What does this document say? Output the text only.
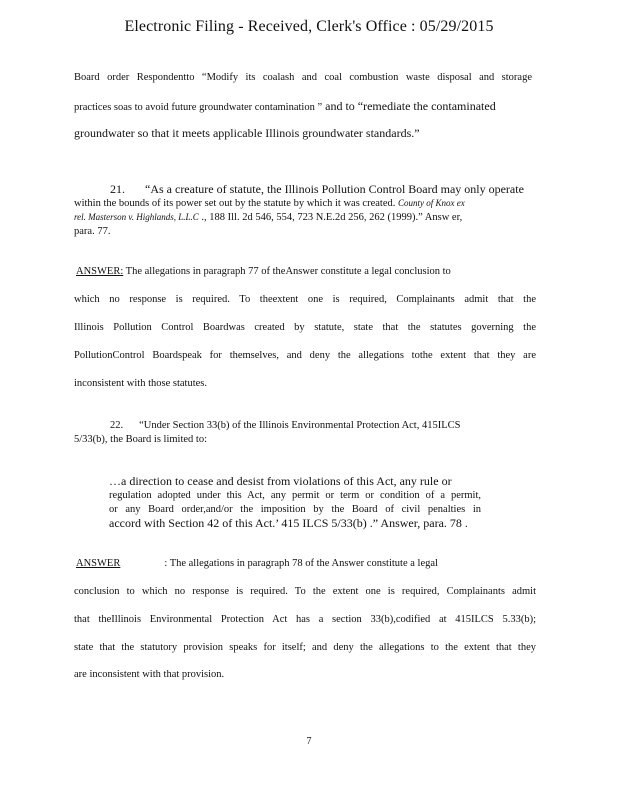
Electronic Filing - Received, Clerk's Office : 05/29/2015
Board order Respondentto “Modify its coalash and coal combustion waste disposal and storage
practices soas to avoid future groundwater contamination ” and to “remediate the contaminated
groundwater so that it meets applicable Illinois groundwater standards.”
21. “As a creature of statute, the Illinois Pollution Control Board may only operate
within the bounds of its power set out by the statute by which it was created. County of Knox ex
rel. Masterson v. Highlands, L.L.C ., 188 Ill. 2d 546, 554, 723 N.E.2d 256, 262 (1999).” Answ er,
para. 77.
ANSWER: The allegations in paragraph 77 of theAnswer constitute a legal conclusion to
which no response is required. To theextent one is required, Complainants admit that the
Illinois Pollution Control Boardwas created by statute, state that the statutes governing the
PollutionControl Boardspeak for themselves, and deny the allegations tothe extent that they are
inconsistent with those statutes.
22. “Under Section 33(b) of the Illinois Environmental Protection Act, 415ILCS
5/33(b), the Board is limited to:
…a direction to cease and desist from violations of this Act, any rule or
regulation adopted under this Act, any permit or term or condition of a permit,
or any Board order,and/or the imposition by the Board of civil penalties in
accord with Section 42 of this Act.’ 415 ILCS 5/33(b) .” Answer, para. 78 .
ANSWER	: The allegations in paragraph 78 of the Answer constitute a legal
conclusion to which no response is required. To the extent one is required, Complainants admit
that theIllinois Environmental Protection Act has a section 33(b),codified at 415ILCS 5.33(b);
state that the statutory provision speaks for itself; and deny the allegations to the extent that they
are inconsistent with that provision.
7
